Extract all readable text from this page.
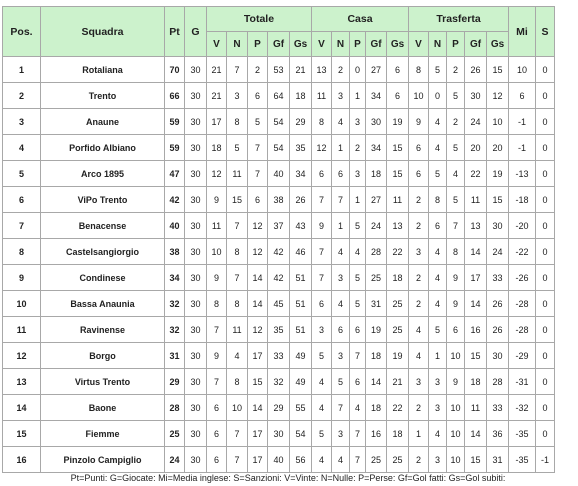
Pos.	Squadra	Pt	G	Totale					Casa					Trasferta					Mi	S
				V	N	P	Gf	Gs	V	N	P	Gf	Gs	V	N	P	Gf	Gs		
1	Rotaliana	70	30	21	7	2	53	21	13	2	0	27	6	8	5	2	26	15	10	0
2	Trento	66	30	21	3	6	64	18	11	3	1	34	6	10	0	5	30	12	6	0
3	Anaune	59	30	17	8	5	54	29	8	4	3	30	19	9	4	2	24	10	-1	0
4	Porfido Albiano	59	30	18	5	7	54	35	12	1	2	34	15	6	4	5	20	20	-1	0
5	Arco 1895	47	30	12	11	7	40	34	6	6	3	18	15	6	5	4	22	19	-13	0
6	ViPo Trento	42	30	9	15	6	38	26	7	7	1	27	11	2	8	5	11	15	-18	0
7	Benacense	40	30	11	7	12	37	43	9	1	5	24	13	2	6	7	13	30	-20	0
8	Castelsangiorgio	38	30	10	8	12	42	46	7	4	4	28	22	3	4	8	14	24	-22	0
9	Condinese	34	30	9	7	14	42	51	7	3	5	25	18	2	4	9	17	33	-26	0
10	Bassa Anaunia	32	30	8	8	14	45	51	6	4	5	31	25	2	4	9	14	26	-28	0
11	Ravinense	32	30	7	11	12	35	51	3	6	6	19	25	4	5	6	16	26	-28	0
12	Borgo	31	30	9	4	17	33	49	5	3	7	18	19	4	1	10	15	30	-29	0
13	Virtus Trento	29	30	7	8	15	32	49	4	5	6	14	21	3	3	9	18	28	-31	0
14	Baone	28	30	6	10	14	29	55	4	7	4	18	22	2	3	10	11	33	-32	0
15	Fiemme	25	30	6	7	17	30	54	5	3	7	16	18	1	4	10	14	36	-35	0
16	Pinzolo Campiglio	24	30	6	7	17	40	56	4	4	7	25	25	2	3	10	15	31	-35	-1
Pt=Punti: G=Giocate: Mi=Media inglese: S=Sanzioni: V=Vinte: N=Nulle: P=Perse: Gf=Gol fatti: Gs=Gol subiti:
